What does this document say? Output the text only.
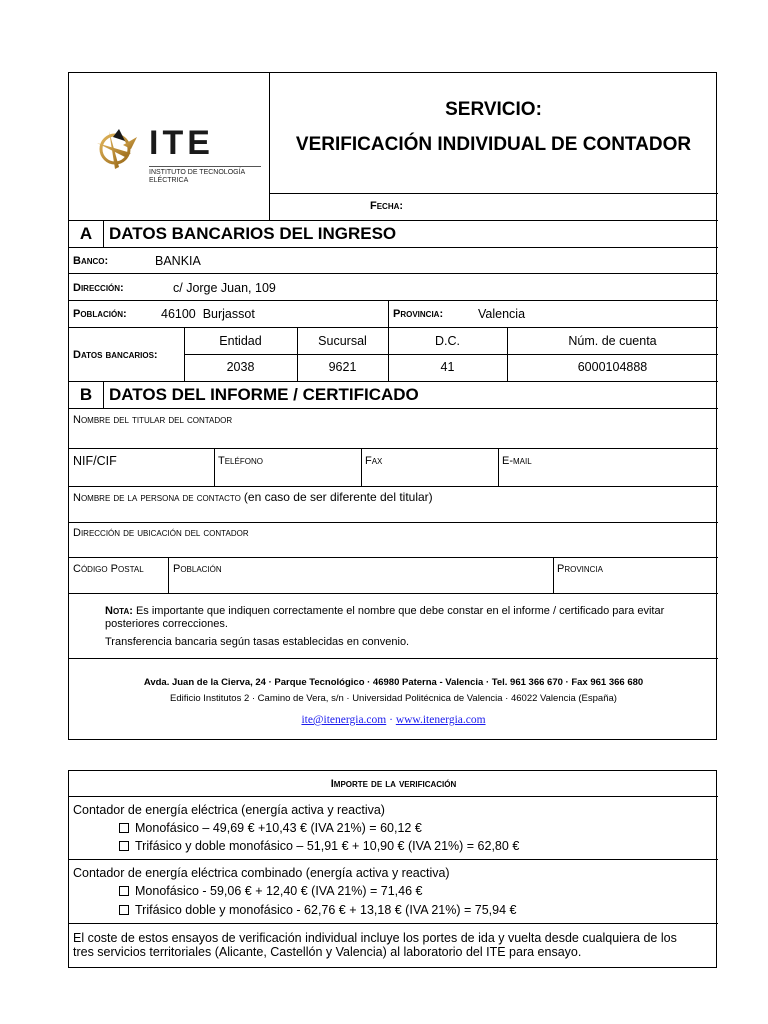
ITE
INSTITUTO DE TECNOLOGÍA
ELÉCTRICA
SERVICIO:
VERIFICACIÓN INDIVIDUAL DE CONTADOR
Fecha:
A DATOS BANCARIOS DEL INGRESO
Banco:	BANKIA
Dirección:	c/ Jorge Juan, 109
Población:	46100  Burjassot	Provincia:	Valencia
Datos bancarios:
Entidad	Sucursal	D.C.	Núm. de cuenta
2038	9621	41	6000104888
B DATOS DEL INFORME / CERTIFICADO
Nombre del titular del contador
NIF/CIF	Teléfono	Fax	E-mail
Nombre de la persona de contacto (en caso de ser diferente del titular)
Dirección de ubicación del contador
Código Postal	Población	Provincia
Nota: Es importante que indiquen correctamente el nombre que debe constar en el informe / certificado para evitar
posteriores correcciones.
Transferencia bancaria según tasas establecidas en convenio.
Avda. Juan de la Cierva, 24 · Parque Tecnológico · 46980 Paterna - Valencia · Tel. 961 366 670 · Fax 961 366 680
Edificio Institutos 2 · Camino de Vera, s/n · Universidad Politécnica de Valencia · 46022 Valencia (España)
ite@itenergia.com · www.itenergia.com
Importe de la verificación
Contador de energía eléctrica (energía activa y reactiva)
Monofásico – 49,69 € +10,43 € (IVA 21%) = 60,12 €
Trifásico y doble monofásico – 51,91 € + 10,90 € (IVA 21%) = 62,80 €
Contador de energía eléctrica combinado (energía activa y reactiva)
Monofásico - 59,06 € + 12,40 € (IVA 21%) = 71,46 €
Trifásico doble y monofásico - 62,76 € + 13,18 € (IVA 21%) = 75,94 €
El coste de estos ensayos de verificación individual incluye los portes de ida y vuelta desde cualquiera de los
tres servicios territoriales (Alicante, Castellón y Valencia) al laboratorio del ITE para ensayo.
